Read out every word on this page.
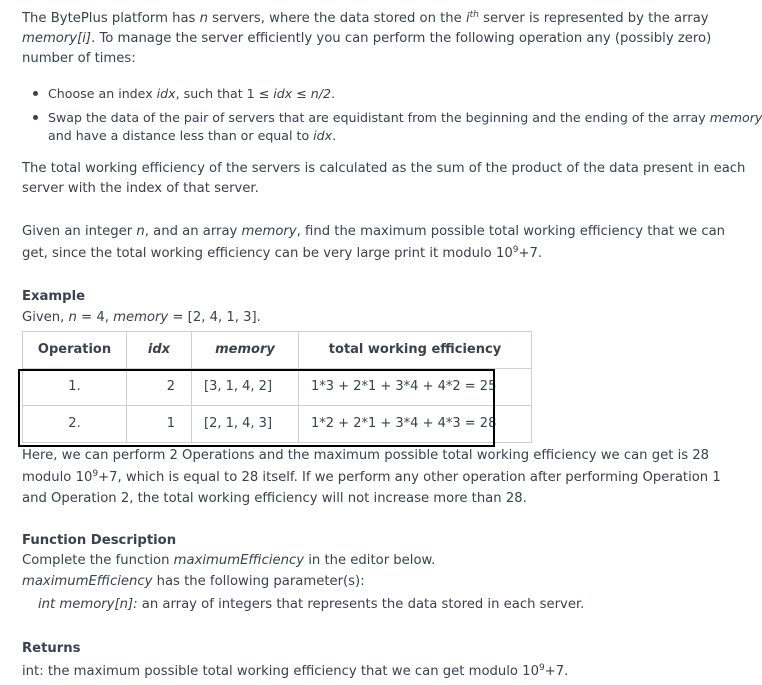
The BytePlus platform has n servers, where the data stored on the $i^{th}$ server is represented by the array
memory[i]. To manage the server efficiently you can perform the following operation any (possibly zero)
number of times:
Choose an index idx, such that 1 ≤ idx ≤ n/2.
Swap the data of the pair of servers that are equidistant from the beginning and the ending of the array memory
and have a distance less than or equal to idx.
The total working efficiency of the servers is calculated as the sum of the product of the data present in each
server with the index of that server.
Given an integer n, and an array memory, find the maximum possible total working efficiency that we can
get, since the total working efficiency can be very large print it modulo $10^9+7$.
Example
Given, n = 4, memory = [2, 4, 1, 3].
Operation	idx	memory	total working efficiency
1.	2	[3, 1, 4, 2]	1*3 + 2*1 + 3*4 + 4*2 = 25
2.	1	[2, 1, 4, 3]	1*2 + 2*1 + 3*4 + 4*3 = 28
Here, we can perform 2 Operations and the maximum possible total working efficiency we can get is 28
modulo $10^9+7$, which is equal to 28 itself. If we perform any other operation after performing Operation 1
and Operation 2, the total working efficiency will not increase more than 28.
Function Description
Complete the function maximumEfficiency in the editor below.
maximumEfficiency has the following parameter(s):
int memory[n]: an array of integers that represents the data stored in each server.
Returns
int: the maximum possible total working efficiency that we can get modulo $10^9+7$.
